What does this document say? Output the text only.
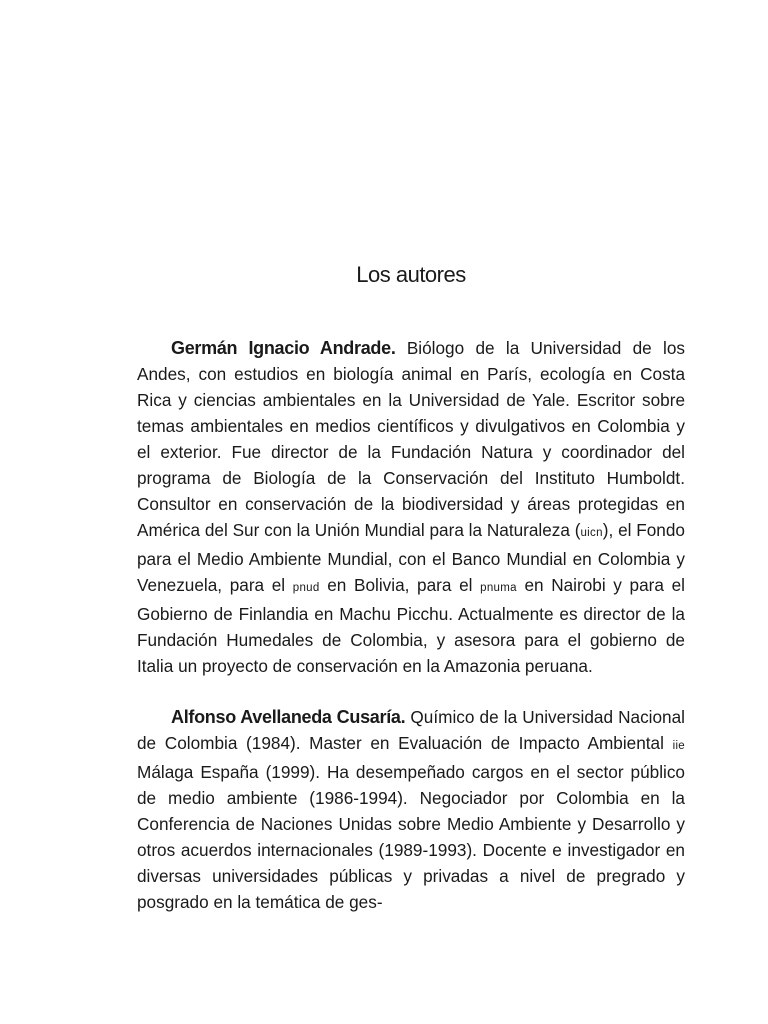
Los autores

Germán Ignacio Andrade. Biólogo de la Universidad de los Andes, con estudios en biología animal en París, ecología en Costa Rica y ciencias ambientales en la Universidad de Yale. Escritor sobre temas ambientales en medios científicos y divulgativos en Colombia y el exterior. Fue director de la Fundación Natura y coordinador del programa de Biología de la Conservación del Instituto Humboldt. Consultor en conservación de la biodiversidad y áreas protegidas en América del Sur con la Unión Mundial para la Naturaleza (uicn), el Fondo para el Medio Ambiente Mundial, con el Banco Mundial en Colombia y Venezuela, para el pnud en Bolivia, para el pnuma en Nairobi y para el Gobierno de Finlandia en Machu Picchu. Actualmente es director de la Fundación Humedales de Colombia, y asesora para el gobierno de Italia un proyecto de conservación en la Amazonia peruana.

Alfonso Avellaneda Cusaría. Químico de la Universidad Nacional de Colombia (1984). Master en Evaluación de Impacto Ambiental iie Málaga España (1999). Ha desempeñado cargos en el sector público de medio ambiente (1986-1994). Negociador por Colombia en la Conferencia de Naciones Unidas sobre Medio Ambiente y Desarrollo y otros acuerdos internacionales (1989-1993). Docente e investigador en diversas universidades públicas y privadas a nivel de pregrado y posgrado en la temática de ges-
